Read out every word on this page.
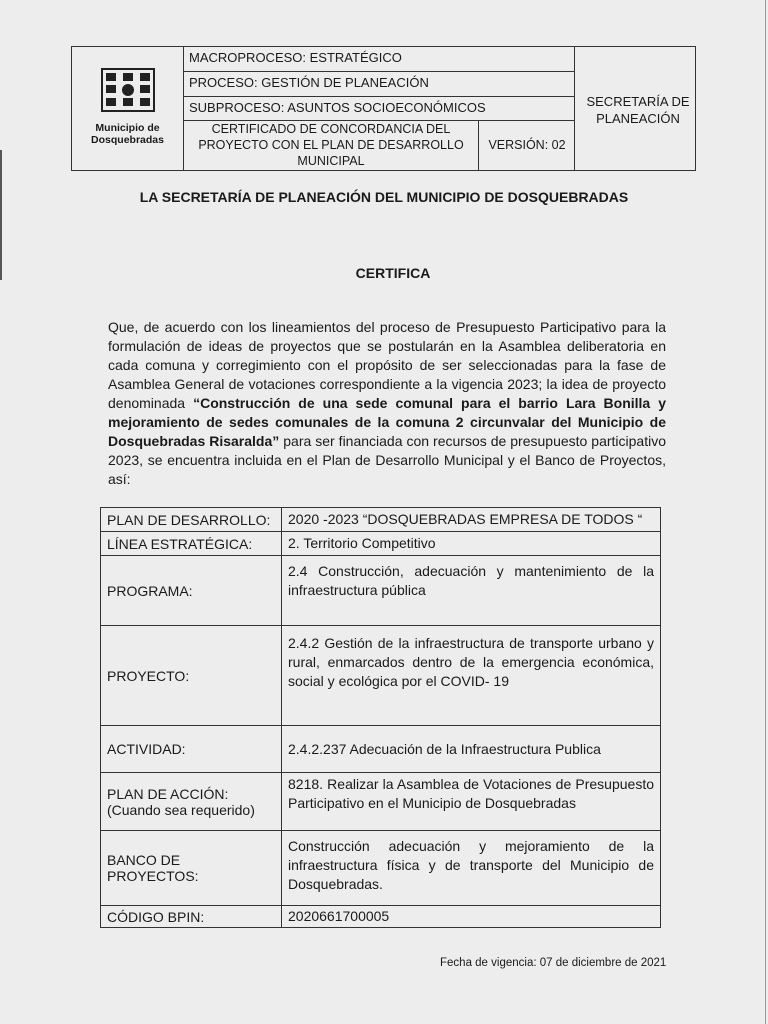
Municipio de
Dosquebradas
MACROPROCESO: ESTRATÉGICO
PROCESO: GESTIÓN DE PLANEACIÓN
SUBPROCESO: ASUNTOS SOCIOECONÓMICOS
CERTIFICADO DE CONCORDANCIA DEL PROYECTO CON EL PLAN DE DESARROLLO MUNICIPAL
VERSIÓN: 02
SECRETARÍA DE PLANEACIÓN
LA SECRETARÍA DE PLANEACIÓN DEL MUNICIPIO DE DOSQUEBRADAS
CERTIFICA
Que, de acuerdo con los lineamientos del proceso de Presupuesto Participativo para la formulación de ideas de proyectos que se postularán en la Asamblea deliberatoria en cada comuna y corregimiento con el propósito de ser seleccionadas para la fase de Asamblea General de votaciones correspondiente a la vigencia 2023; la idea de proyecto denominada “Construcción de una sede comunal para el barrio Lara Bonilla y mejoramiento de sedes comunales de la comuna 2 circunvalar del Municipio de Dosquebradas Risaralda” para ser financiada con recursos de presupuesto participativo 2023, se encuentra incluida en el Plan de Desarrollo Municipal y el Banco de Proyectos, así:
PLAN DE DESARROLLO:	2020 -2023 “DOSQUEBRADAS EMPRESA DE TODOS “
LÍNEA ESTRATÉGICA:	2. Territorio Competitivo
PROGRAMA:	2.4 Construcción, adecuación y mantenimiento de la infraestructura pública
PROYECTO:	2.4.2 Gestión de la infraestructura de transporte urbano y rural, enmarcados dentro de la emergencia económica, social y ecológica por el COVID- 19
ACTIVIDAD:	2.4.2.237 Adecuación de la Infraestructura Publica

PLAN DE ACCIÓN:
(Cuando sea requerido)	8218. Realizar la Asamblea de Votaciones de Presupuesto Participativo en el Municipio de Dosquebradas

BANCO DE
PROYECTOS:	Construcción adecuación y mejoramiento de la infraestructura física y de transporte del Municipio de Dosquebradas.
CÓDIGO BPIN:	2020661700005
Fecha de vigencia: 07 de diciembre de 2021
